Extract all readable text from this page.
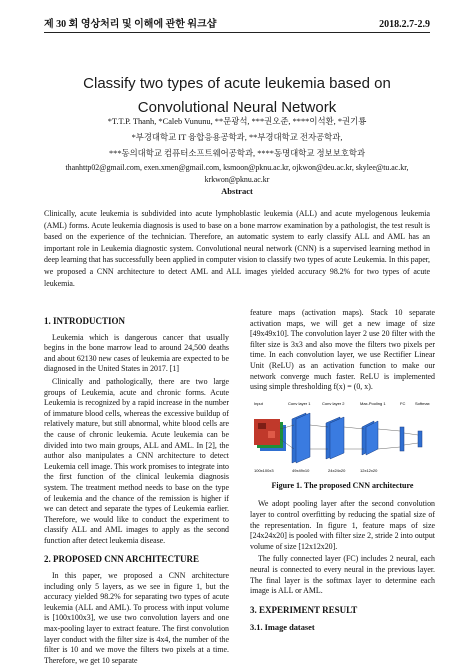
제 30 회 영상처리 및 이해에 관한 워크샵	2018.2.7-2.9
Classify two types of acute leukemia based on Convolutional Neural Network
*T.T.P. Thanh, *Caleb Vununu, **문광석, ***권오준, ****이석환, *권기룡
*부경대학교 IT 융합응용공학과, **부경대학교 전자공학과,
***동의대학교 컴퓨터소프트웨어공학과, ****동명대학교 정보보호학과
thanhttp02@gmail.com, exen.xmen@gmail.com, ksmoon@pknu.ac.kr, ojkwon@deu.ac.kr, skylee@tu.ac.kr,
krkwon@pknu.ac.kr
Abstract
Clinically, acute leukemia is subdivided into acute lymphoblastic leukemia (ALL) and acute myelogenous leukemia (AML) forms. Acute leukemia diagnosis is used to base on a bone marrow examination by a pathologist, the test result is based on the experience of the technician. Therefore, an automatic system to early classify ALL and AML has an important role in Leukemia diagnostic system. Convolutional neural network (CNN) is a supervised learning method in deep learning that has successfully been applied in computer vision to classify two types of acute Leukemia. In this paper, we proposed a CNN architecture to detect AML and ALL images yielded accuracy 98.2% for two types of acute leukemia.
1. INTRODUCTION

Leukemia which is dangerous cancer that usually begins in the bone marrow lead to around 24,500 deaths and about 62130 new cases of leukemia are expected to be diagnosed in the United States in 2017. [1]

Clinically and pathologically, there are two large groups of Leukemia, acute and chronic forms. Acute Leukemia is recognized by a rapid increase in the number of immature blood cells, whereas the excessive buildup of relatively mature, but still abnormal, white blood cells are the cause of chronic leukemia. Acute leukemia can be divided into two main groups, ALL and AML. In [2], the author also manipulates a CNN architecture to detect Leukemia cell image. This work promises to integrate into the first function of the clinical leukemia diagnosis system. The treatment method needs to base on the type of leukemia and the chance of the remission is higher if we can detect and separate the types of Leukemia earlier. Therefore, we would like to conduct the experiment to classify ALL and AML images to apply as the second function after detect leukemia disease.

2. PROPOSED CNN ARCHITECTURE

In this paper, we proposed a CNN architecture including only 5 layers, as we see in figure 1, but the accuracy yielded 98.2% for separating two types of acute leukemia (ALL and AML). To process with input volume is [100x100x3], we use two convolution layers and one max-pooling layer to extract feature. The first convolution layer conduct with the filter size is 4x4, the number of the filter is 10 and we move the filters two pixels at a time. Therefore, we get 10 separate

feature maps (activation maps). Stack 10 separate activation maps, we will get a new image of size [49x49x10]. The convolution layer 2 use 20 filter with the filter size is 3x3 and also move the filters two pixels per time. In each convolution layer, we use Rectifier Linear Unit (ReLU) as an activation function to make our network converge much faster. ReLU is implemented using simple thresholding f(x) = (0, x).

Input	Conv layer 1	Conv layer 2	Max-Pooling 1	FC Softmax
100x100x3	49x49x10	24x24x20	12x12x20
Figure 1. The proposed CNN architecture

We adopt pooling layer after the second convolution layer to control overfitting by reducing the spatial size of the representation. In figure 1, feature maps of size [24x24x20] is pooled with filter size 2, stride 2 into output volume of size [12x12x20].

The fully connected layer (FC) includes 2 neural, each neural is connected to every neural in the previous layer. The final layer is the softmax layer to determine each image is ALL or AML.

3. EXPERIMENT RESULT
3.1. Image dataset
